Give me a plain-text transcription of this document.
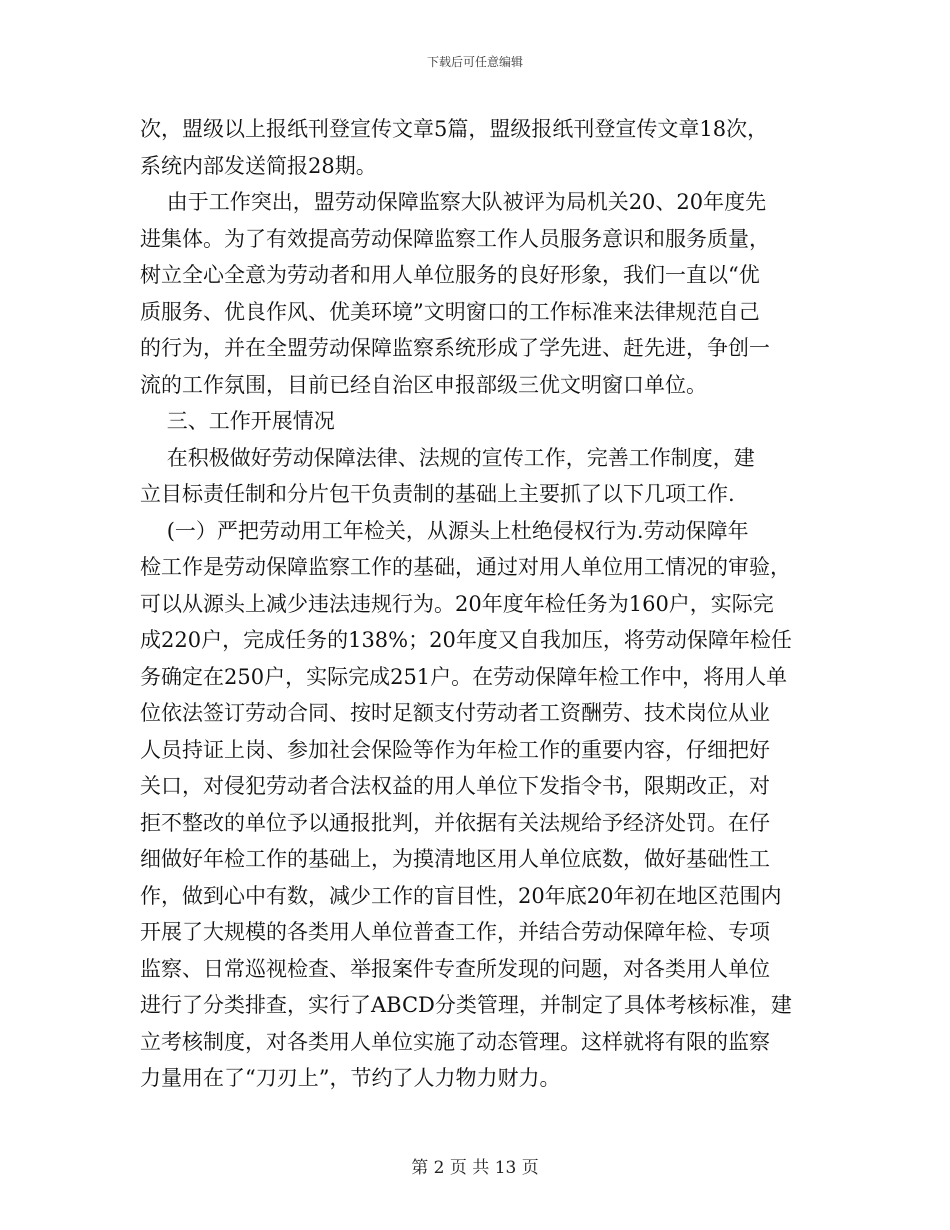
下载后可任意编辑
次，盟级以上报纸刊登宣传文章5篇，盟级报纸刊登宣传文章18次，
系统内部发送简报28期。
由于工作突出，盟劳动保障监察大队被评为局机关20、20年度先
进集体。为了有效提高劳动保障监察工作人员服务意识和服务质量，
树立全心全意为劳动者和用人单位服务的良好形象，我们一直以“优
质服务、优良作风、优美环境”文明窗口的工作标准来法律规范自己
的行为，并在全盟劳动保障监察系统形成了学先进、赶先进，争创一
流的工作氛围，目前已经自治区申报部级三优文明窗口单位。
三、工作开展情况
在积极做好劳动保障法律、法规的宣传工作，完善工作制度，建
立目标责任制和分片包干负责制的基础上主要抓了以下几项工作.
(一）严把劳动用工年检关，从源头上杜绝侵权行为.劳动保障年
检工作是劳动保障监察工作的基础，通过对用人单位用工情况的审验，
可以从源头上减少违法违规行为。20年度年检任务为160户，实际完
成220户，完成任务的138%；20年度又自我加压，将劳动保障年检任
务确定在250户，实际完成251户。在劳动保障年检工作中，将用人单
位依法签订劳动合同、按时足额支付劳动者工资酬劳、技术岗位从业
人员持证上岗、参加社会保险等作为年检工作的重要内容，仔细把好
关口，对侵犯劳动者合法权益的用人单位下发指令书，限期改正，对
拒不整改的单位予以通报批判，并依据有关法规给予经济处罚。在仔
细做好年检工作的基础上，为摸清地区用人单位底数，做好基础性工
作，做到心中有数，减少工作的盲目性，20年底20年初在地区范围内
开展了大规模的各类用人单位普查工作，并结合劳动保障年检、专项
监察、日常巡视检查、举报案件专查所发现的问题，对各类用人单位
进行了分类排查，实行了ABCD分类管理，并制定了具体考核标准，建
立考核制度，对各类用人单位实施了动态管理。这样就将有限的监察
力量用在了“刀刃上”，节约了人力物力财力。
第 2 页 共 13 页
